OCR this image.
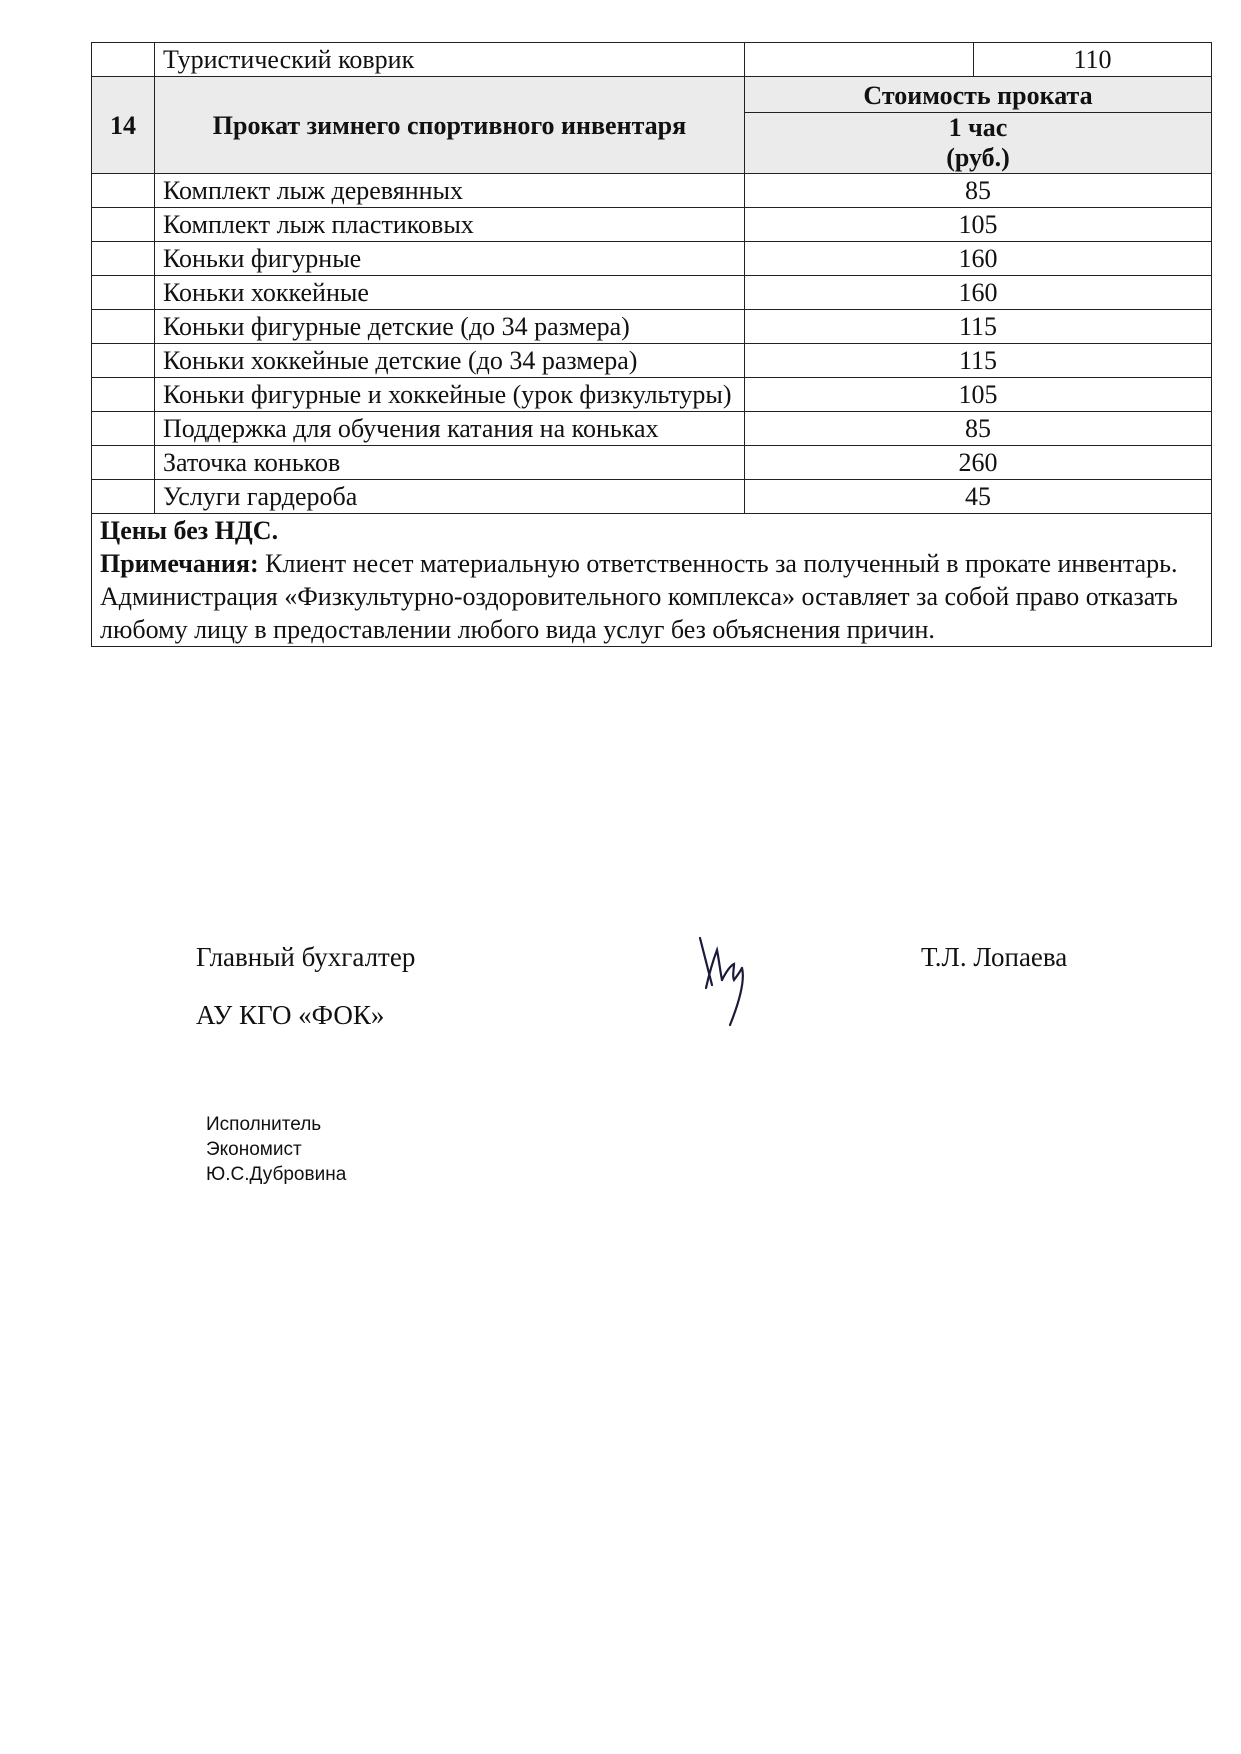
	Туристический коврик		110
14	Прокат зимнего спортивного инвентаря	Стоимость проката	

		1 час
(руб.)	

	Комплект лыж деревянных	85	
	Комплект лыж пластиковых	105	
	Коньки фигурные	160	
	Коньки хоккейные	160	
	Коньки фигурные детские (до 34 размера)	115	
	Коньки хоккейные детские (до 34 размера)	115	
	Коньки фигурные и хоккейные (урок физкультуры)	105	
	Поддержка для обучения катания на коньках	85	
	Заточка коньков	260	
	Услуги гардероба	45	

Цены без НДС.
Примечания: Клиент несет материальную ответственность за полученный в прокате инвентарь. Администрация «Физкультурно-оздоровительного комплекса» оставляет за собой право отказать любому лицу в предоставлении любого вида услуг без объяснения причин.			
Главный бухгалтер
АУ КГО «ФОК»
Т.Л. Лопаева
Исполнитель
Экономист
Ю.С.Дубровина
